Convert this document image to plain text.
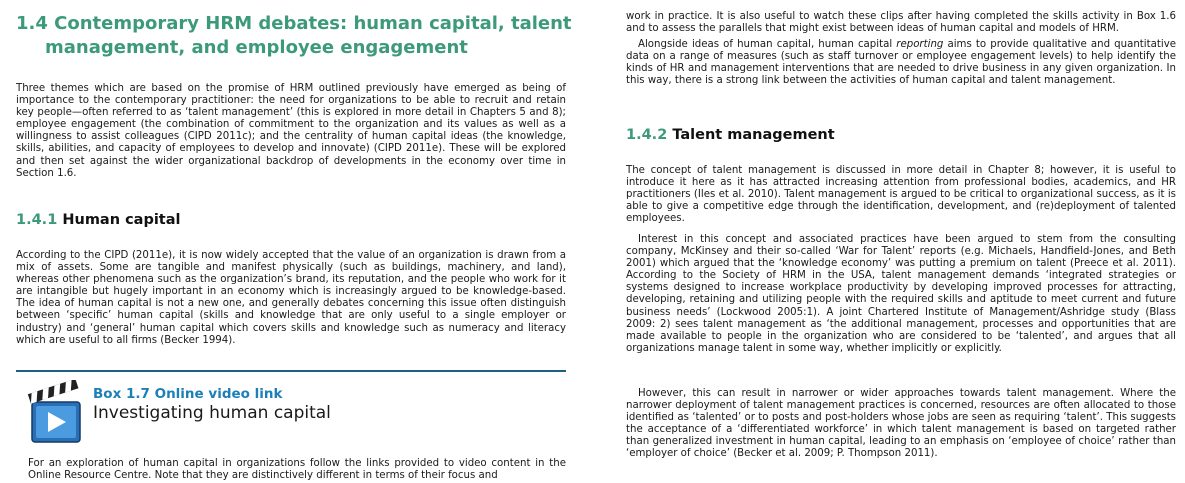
1.4 Contemporary HRM debates: human capital, talent
management, and employee engagement

Three themes which are based on the promise of HRM outlined previously have emerged as being of importance to the contemporary practitioner: the need for organizations to be able to recruit and retain key people—often referred to as ‘talent management’ (this is explored in more detail in Chapters 5 and 8); employee engagement (the combination of commitment to the organization and its values as well as a willingness to assist colleagues (CIPD 2011c); and the centrality of human capital ideas (the knowledge, skills, abilities, and capacity of employees to develop and innovate) (CIPD 2011e). These will be explored and then set against the wider organizational backdrop of developments in the economy over time in Section 1.6.

1.4.1 Human capital

According to the CIPD (2011e), it is now widely accepted that the value of an organization is drawn from a mix of assets. Some are tangible and manifest physically (such as buildings, machinery, and land), whereas other phenomena such as the organization’s brand, its reputation, and the people who work for it are intangible but hugely important in an economy which is increasingly argued to be knowledge-based. The idea of human capital is not a new one, and generally debates concerning this issue often distinguish between ‘specific’ human capital (skills and knowledge that are only useful to a single employer or industry) and ‘general’ human capital which covers skills and knowledge such as numeracy and literacy which are useful to all firms (Becker 1994).

Box 1.7 Online video link
Investigating human capital

For an exploration of human capital in organizations follow the links provided to video content in the Online Resource Centre. Note that they are distinctively different in terms of their focus and

work in practice. It is also useful to watch these clips after having completed the skills activity in Box 1.6 and to assess the parallels that might exist between ideas of human capital and models of HRM.

Alongside ideas of human capital, human capital reporting aims to provide qualitative and quantitative data on a range of measures (such as staff turnover or employee engagement levels) to help identify the kinds of HR and management interventions that are needed to drive business in any given organization. In this way, there is a strong link between the activities of human capital and talent management.

1.4.2 Talent management

The concept of talent management is discussed in more detail in Chapter 8; however, it is useful to introduce it here as it has attracted increasing attention from professional bodies, academics, and HR practitioners (Iles et al. 2010). Talent management is argued to be critical to organizational success, as it is able to give a competitive edge through the identification, development, and (re)deployment of talented employees.

Interest in this concept and associated practices have been argued to stem from the consulting company, McKinsey and their so-called ‘War for Talent’ reports (e.g. Michaels, Handfield-Jones, and Beth 2001) which argued that the ‘knowledge economy’ was putting a premium on talent (Preece et al. 2011). According to the Society of HRM in the USA, talent management demands ‘integrated strategies or systems designed to increase workplace productivity by developing improved processes for attracting, developing, retaining and utilizing people with the required skills and aptitude to meet current and future business needs’ (Lockwood 2005:1). A joint Chartered Institute of Management/Ashridge study (Blass 2009: 2) sees talent management as ‘the additional management, processes and opportunities that are made available to people in the organization who are considered to be ‘talented’, and argues that all organizations manage talent in some way, whether implicitly or explicitly.

However, this can result in narrower or wider approaches towards talent management. Where the narrower deployment of talent management practices is concerned, resources are often allocated to those identified as ‘talented’ or to posts and post-holders whose jobs are seen as requiring ‘talent’. This suggests the acceptance of a ‘differentiated workforce’ in which talent management is based on targeted rather than generalized investment in human capital, leading to an emphasis on ‘employee of choice’ rather than ‘employer of choice’ (Becker et al. 2009; P. Thompson 2011).
